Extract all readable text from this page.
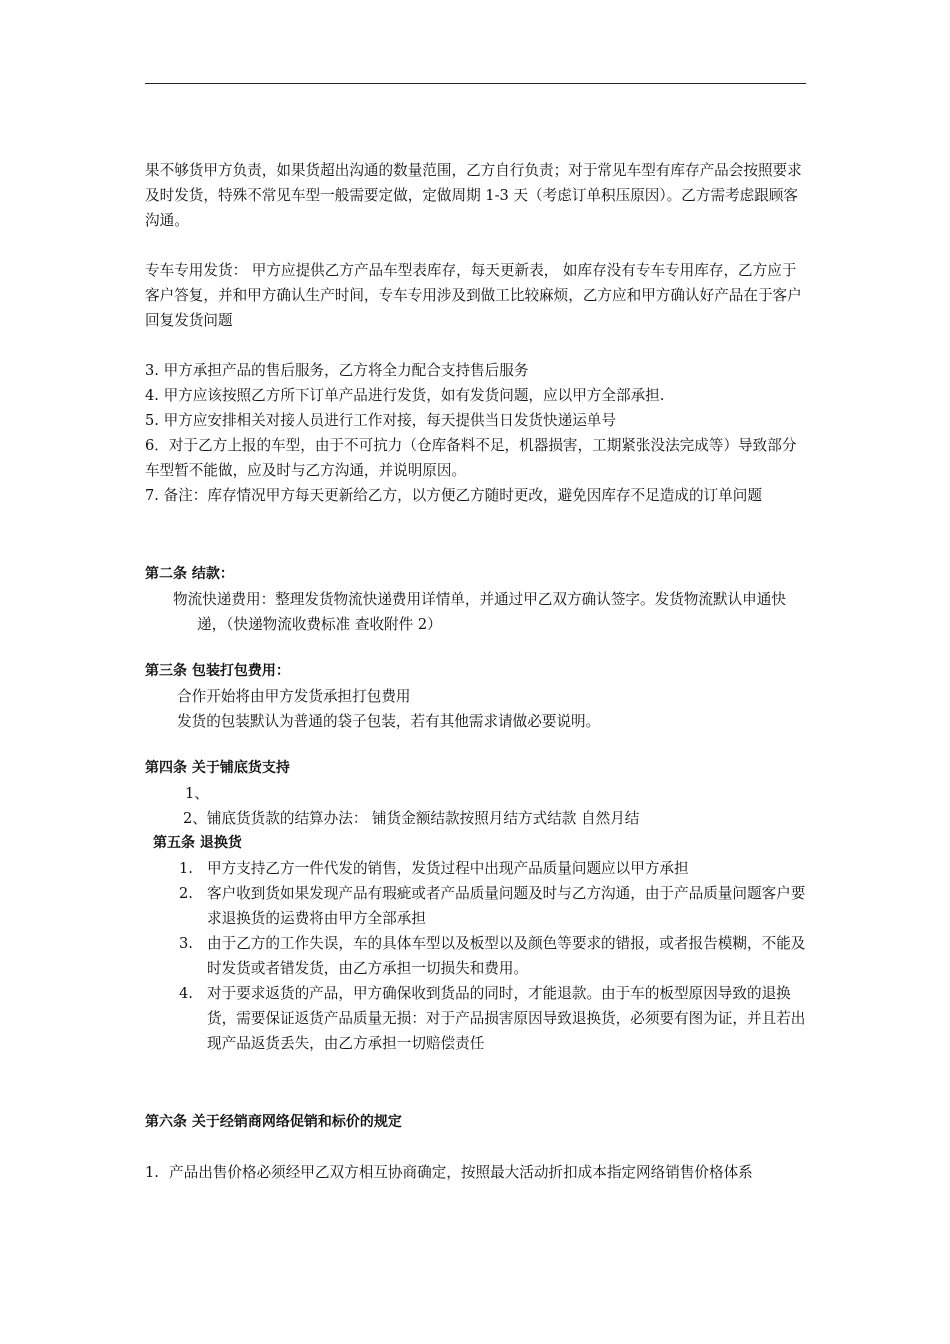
果不够货甲方负责，如果货超出沟通的数量范围，乙方自行负责；对于常见车型有库存产品会按照要求及时发货，特殊不常见车型一般需要定做，定做周期 1-3 天（考虑订单积压原因）。乙方需考虑跟顾客沟通。

专车专用发货： 甲方应提供乙方产品车型表库存，每天更新表， 如库存没有专车专用库存，乙方应于客户答复，并和甲方确认生产时间，专车专用涉及到做工比较麻烦，乙方应和甲方确认好产品在于客户回复发货问题

3. 甲方承担产品的售后服务，乙方将全力配合支持售后服务

4. 甲方应该按照乙方所下订单产品进行发货，如有发货问题，应以甲方全部承担.

5. 甲方应安排相关对接人员进行工作对接，每天提供当日发货快递运单号

6．对于乙方上报的车型，由于不可抗力（仓库备料不足，机器损害，工期紧张没法完成等）导致部分车型暂不能做，应及时与乙方沟通，并说明原因。

7. 备注：库存情况甲方每天更新给乙方，以方便乙方随时更改，避免因库存不足造成的订单问题

第二条 结款：

物流快递费用：整理发货物流快递费用详情单，并通过甲乙双方确认签字。发货物流默认申通快递，（快递物流收费标准 查收附件 2）

第三条 包装打包费用：

合作开始将由甲方发货承担打包费用

发货的包装默认为普通的袋子包装，若有其他需求请做必要说明。

第四条 关于铺底货支持

1、

2、铺底货货款的结算办法： 铺货金额结款按照月结方式结款 自然月结

第五条 退换货

1. 甲方支持乙方一件代发的销售，发货过程中出现产品质量问题应以甲方承担
2. 客户收到货如果发现产品有瑕疵或者产品质量问题及时与乙方沟通，由于产品质量问题客户要求退换货的运费将由甲方全部承担
3. 由于乙方的工作失误，车的具体车型以及板型以及颜色等要求的错报，或者报告模糊，不能及时发货或者错发货，由乙方承担一切损失和费用。
4. 对于要求返货的产品，甲方确保收到货品的同时，才能退款。由于车的板型原因导致的退换货，需要保证返货产品质量无损：对于产品损害原因导致退换货，必须要有图为证，并且若出现产品返货丢失，由乙方承担一切赔偿责任

第六条 关于经销商网络促销和标价的规定

1. 产品出售价格必须经甲乙双方相互协商确定，按照最大活动折扣成本指定网络销售价格体系
